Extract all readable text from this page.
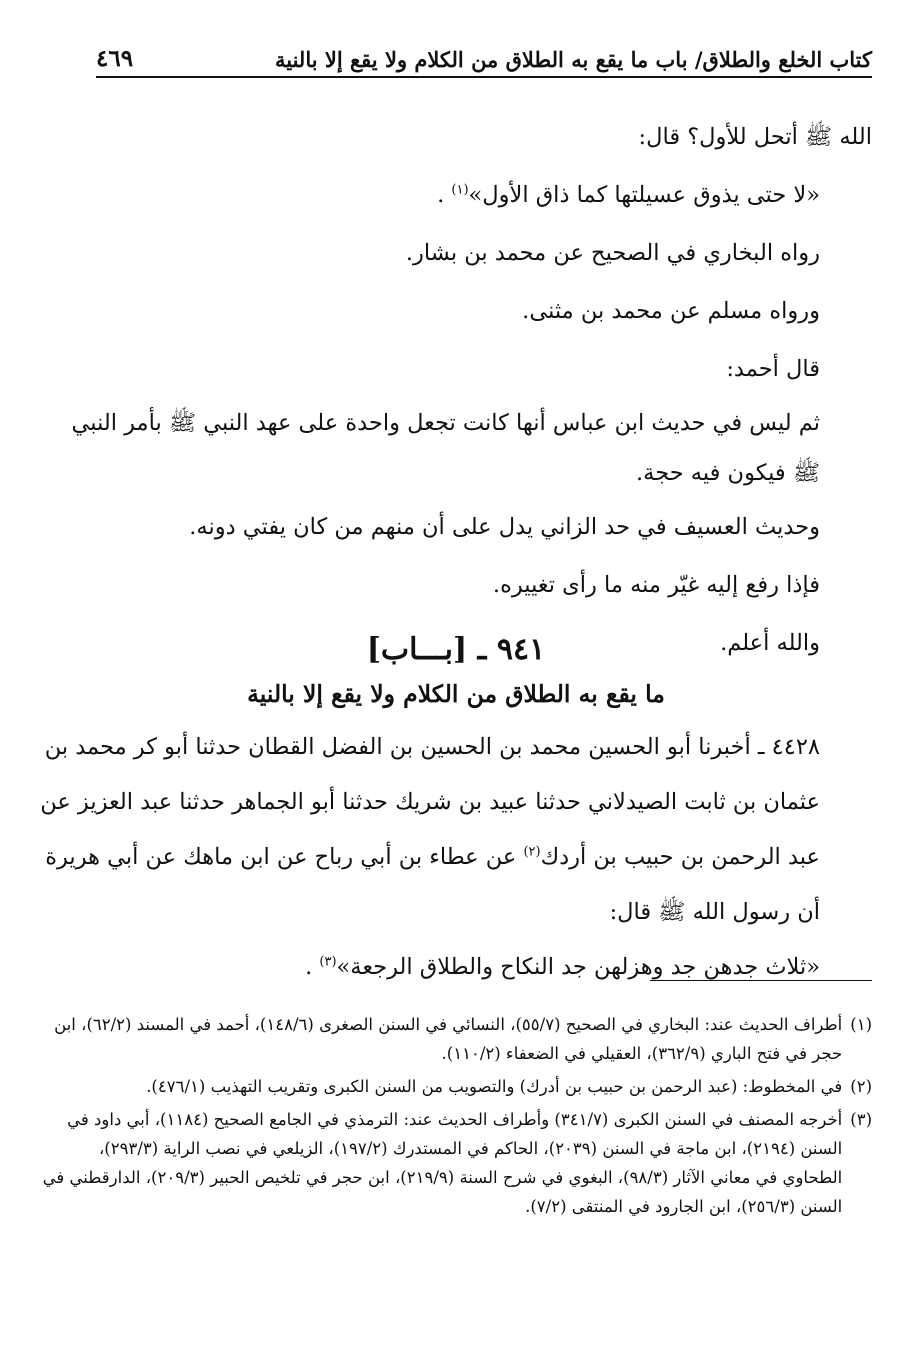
كتاب الخلع والطلاق/ باب ما يقع به الطلاق من الكلام ولا يقع إلا بالنية
٤٦٩

الله ﷺ أتحل للأول؟ قال:

«لا حتى يذوق عسيلتها كما ذاق الأول»$^{(١)}$ .

رواه البخاري في الصحيح عن محمد بن بشار.

ورواه مسلم عن محمد بن مثنى.

قال أحمد:

ثم ليس في حديث ابن عباس أنها كانت تجعل واحدة على عهد النبي ﷺ بأمر النبي ﷺ فيكون فيه حجة.

وحديث العسيف في حد الزاني يدل على أن منهم من كان يفتي دونه.

فإذا رفع إليه غيّر منه ما رأى تغييره.

والله أعلم.

٩٤١ ـ [بـــاب]
ما يقع به الطلاق من الكلام ولا يقع إلا بالنية

٤٤٢٨ ـ أخبرنا أبو الحسين محمد بن الحسين بن الفضل القطان حدثنا أبو كر محمد بن عثمان بن ثابت الصيدلاني حدثنا عبيد بن شريك حدثنا أبو الجماهر حدثنا عبد العزيز عن عبد الرحمن بن حبيب بن أردك$^{(٢)}$ عن عطاء بن أبي رباح عن ابن ماهك عن أبي هريرة أن رسول الله ﷺ قال:

«ثلاث جدهن جد وهزلهن جد النكاح والطلاق الرجعة»$^{(٣)}$ .

(١)
أطراف الحديث عند: البخاري في الصحيح (٥٥/٧)، النسائي في السنن الصغرى (١٤٨/٦)، أحمد في المسند (٦٢/٢)، ابن حجر في فتح الباري (٣٦٢/٩)، العقيلي في الضعفاء (١١٠/٢).
(٢)
في المخطوط: (عبد الرحمن بن حبيب بن أدرك) والتصويب من السنن الكبرى وتقريب التهذيب (٤٧٦/١).
(٣)
أخرجه المصنف في السنن الكبرى (٣٤١/٧) وأطراف الحديث عند: الترمذي في الجامع الصحيح (١١٨٤)، أبي داود في السنن (٢١٩٤)، ابن ماجة في السنن (٢٠٣٩)، الحاكم في المستدرك (١٩٧/٢)، الزيلعي في نصب الراية (٢٩٣/٣)، الطحاوي في معاني الآثار (٩٨/٣)، البغوي في شرح السنة (٢١٩/٩)، ابن حجر في تلخيص الحبير (٢٠٩/٣)، الدارقطني في السنن (٢٥٦/٣)، ابن الجارود في المنتقى (٧/٢).
